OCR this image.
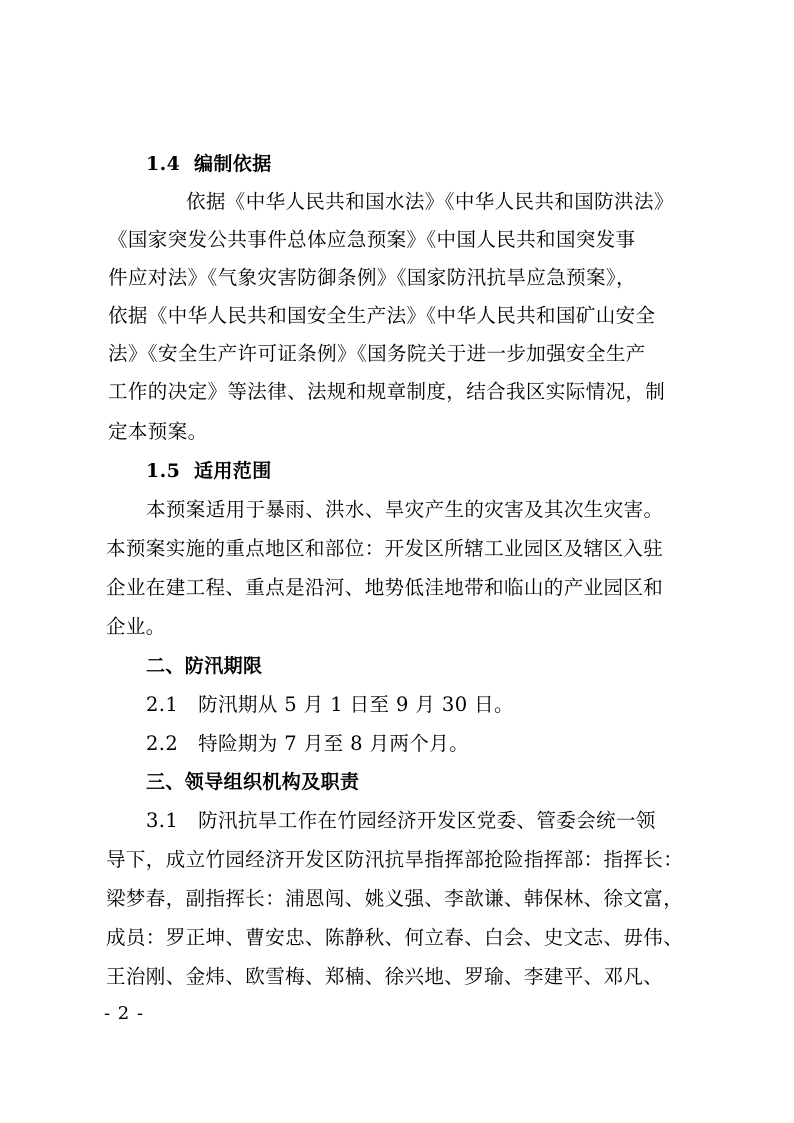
1.4 编制依据
依据《中华人民共和国水法》《中华人民共和国防洪法》
《国家突发公共事件总体应急预案》《中国人民共和国突发事
件应对法》《气象灾害防御条例》《国家防汛抗旱应急预案》，
依据《中华人民共和国安全生产法》《中华人民共和国矿山安全
法》《安全生产许可证条例》《国务院关于进一步加强安全生产
工作的决定》等法律、法规和规章制度，结合我区实际情况，制
定本预案。
1.5 适用范围
本预案适用于暴雨、洪水、旱灾产生的灾害及其次生灾害。
本预案实施的重点地区和部位：开发区所辖工业园区及辖区入驻
企业在建工程、重点是沿河、地势低洼地带和临山的产业园区和
企业。
二、防汛期限
2.1　防汛期从 5 月 1 日至 9 月 30 日。
2.2　特险期为 7 月至 8 月两个月。
三、领导组织机构及职责
3.1　防汛抗旱工作在竹园经济开发区党委、管委会统一领
导下，成立竹园经济开发区防汛抗旱指挥部抢险指挥部：指挥长：
梁梦春，副指挥长：浦恩闯、姚义强、李歆谦、韩保林、徐文富，
成员：罗正坤、曹安忠、陈静秋、何立春、白会、史文志、毋伟、
王治刚、金炜、欧雪梅、郑楠、徐兴地、罗瑜、李建平、邓凡、
- 2 -
